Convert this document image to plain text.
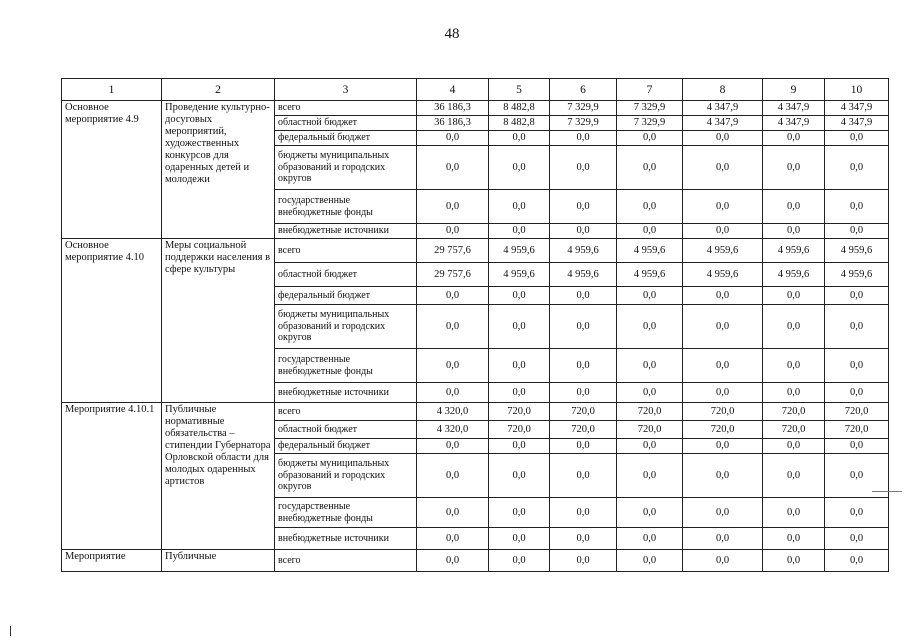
48
1	2	3	4	5	6	7	8	9	10
Основное мероприятие 4.9	Проведение культурно-досуговых мероприятий, художественных конкурсов для одаренных детей и молодежи	всего	36 186,3	8 482,8	7 329,9	7 329,9	4 347,9	4 347,9	4 347,9
		областной бюджет	36 186,3	8 482,8	7 329,9	7 329,9	4 347,9	4 347,9	4 347,9
		федеральный бюджет	0,0	0,0	0,0	0,0	0,0	0,0	0,0
		бюджеты муниципальных образований и городских округов	0,0	0,0	0,0	0,0	0,0	0,0	0,0
		государственные внебюджетные фонды	0,0	0,0	0,0	0,0	0,0	0,0	0,0
		внебюджетные источники	0,0	0,0	0,0	0,0	0,0	0,0	0,0
Основное мероприятие 4.10	Меры социальной поддержки населения в сфере культуры	всего	29 757,6	4 959,6	4 959,6	4 959,6	4 959,6	4 959,6	4 959,6
		областной бюджет	29 757,6	4 959,6	4 959,6	4 959,6	4 959,6	4 959,6	4 959,6
		федеральный бюджет	0,0	0,0	0,0	0,0	0,0	0,0	0,0
		бюджеты муниципальных образований и городских округов	0,0	0,0	0,0	0,0	0,0	0,0	0,0
		государственные внебюджетные фонды	0,0	0,0	0,0	0,0	0,0	0,0	0,0
		внебюджетные источники	0,0	0,0	0,0	0,0	0,0	0,0	0,0
Мероприятие 4.10.1	Публичные нормативные обязательства – стипендии Губернатора Орловской области для молодых одаренных артистов	всего	4 320,0	720,0	720,0	720,0	720,0	720,0	720,0
		областной бюджет	4 320,0	720,0	720,0	720,0	720,0	720,0	720,0
		федеральный бюджет	0,0	0,0	0,0	0,0	0,0	0,0	0,0
		бюджеты муниципальных образований и городских округов	0,0	0,0	0,0	0,0	0,0	0,0	0,0
		государственные внебюджетные фонды	0,0	0,0	0,0	0,0	0,0	0,0	0,0
		внебюджетные источники	0,0	0,0	0,0	0,0	0,0	0,0	0,0
Мероприятие	Публичные	всего	0,0	0,0	0,0	0,0	0,0	0,0	0,0
